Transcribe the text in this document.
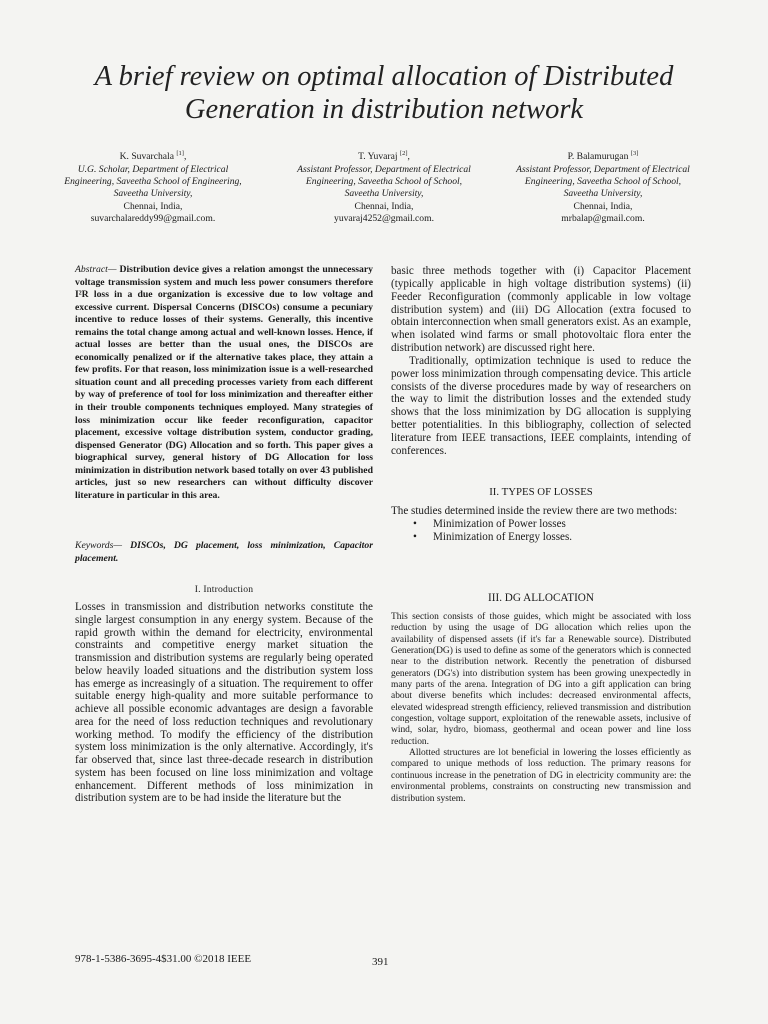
A brief review on optimal allocation of Distributed
Generation in distribution network
K. Suvarchala [1],
U.G. Scholar, Department of Electrical
Engineering, Saveetha School of Engineering,
Saveetha University,
Chennai, India,
suvarchalareddy99@gmail.com.
T. Yuvaraj [2],
Assistant Professor, Department of Electrical
Engineering, Saveetha School of School,
Saveetha University,
Chennai, India,
yuvaraj4252@gmail.com.
P. Balamurugan [3]
Assistant Professor, Department of Electrical
Engineering, Saveetha School of School,
Saveetha University,
Chennai, India,
mrbalap@gmail.com.

Abstract— Distribution device gives a relation amongst the unnecessary voltage transmission system and much less power consumers therefore I²R loss in a due organization is excessive due to low voltage and excessive current. Dispersal Concerns (DISCOs) consume a pecuniary incentive to reduce losses of their systems. Generally, this incentive remains the total change among actual and well-known losses. Hence, if actual losses are better than the usual ones, the DISCOs are economically penalized or if the alternative takes place, they attain a few profits. For that reason, loss minimization issue is a well-researched situation count and all preceding processes variety from each different by way of preference of tool for loss minimization and thereafter either in their trouble components techniques employed. Many strategies of loss minimization occur like feeder reconfiguration, capacitor placement, excessive voltage distribution system, conductor grading, dispensed Generator (DG) Allocation and so forth. This paper gives a biographical survey, general history of DG Allocation for loss minimization in distribution network based totally on over 43 published articles, just so new researchers can without difficulty discover literature in particular in this area.

Keywords— DISCOs, DG placement, loss minimization, Capacitor placement.

I. Introduction

Losses in transmission and distribution networks constitute the single largest consumption in any energy system. Because of the rapid growth within the demand for electricity, environmental constraints and competitive energy market situation the transmission and distribution systems are regularly being operated below heavily loaded situations and the distribution system loss has emerge as increasingly of a situation. The requirement to offer suitable energy high-quality and more suitable performance to achieve all possible economic advantages are design a favorable area for the need of loss reduction techniques and revolutionary working method. To modify the efficiency of the distribution system loss minimization is the only alternative. Accordingly, it's far observed that, since last three-decade research in distribution system has been focused on line loss minimization and voltage enhancement. Different methods of loss minimization in distribution system are to be had inside the literature but the

basic three methods together with (i) Capacitor Placement (typically applicable in high voltage distribution systems) (ii) Feeder Reconfiguration (commonly applicable in low voltage distribution system) and (iii) DG Allocation (extra focused to obtain interconnection when small generators exist. As an example, when isolated wind farms or small photovoltaic flora enter the distribution network) are discussed right here.

Traditionally, optimization technique is used to reduce the power loss minimization through compensating device. This article consists of the diverse procedures made by way of researchers on the way to limit the distribution losses and the extended study shows that the loss minimization by DG allocation is supplying better potentialities. In this bibliography, collection of selected literature from IEEE transactions, IEEE complaints, intending of conferences.

II. TYPES OF LOSSES

The studies determined inside the review there are two methods:

• Minimization of Power losses
• Minimization of Energy losses.
III. DG ALLOCATION

This section consists of those guides, which might be associated with loss reduction by using the usage of DG allocation which relies upon the availability of dispensed assets (if it's far a Renewable source). Distributed Generation(DG) is used to define as some of the generators which is connected near to the distribution network. Recently the penetration of disbursed generators (DG's) into distribution system has been growing unexpectedly in many parts of the arena. Integration of DG into a gift application can bring about diverse benefits which includes: decreased environmental affects, elevated widespread strength efficiency, relieved transmission and distribution congestion, voltage support, exploitation of the renewable assets, inclusive of wind, solar, hydro, biomass, geothermal and ocean power and line loss reduction.

Allotted structures are lot beneficial in lowering the losses efficiently as compared to unique methods of loss reduction. The primary reasons for continuous increase in the penetration of DG in electricity community are: the environmental problems, constraints on constructing new transmission and distribution system.

978-1-5386-3695-4$31.00 ©2018 IEEE	391
